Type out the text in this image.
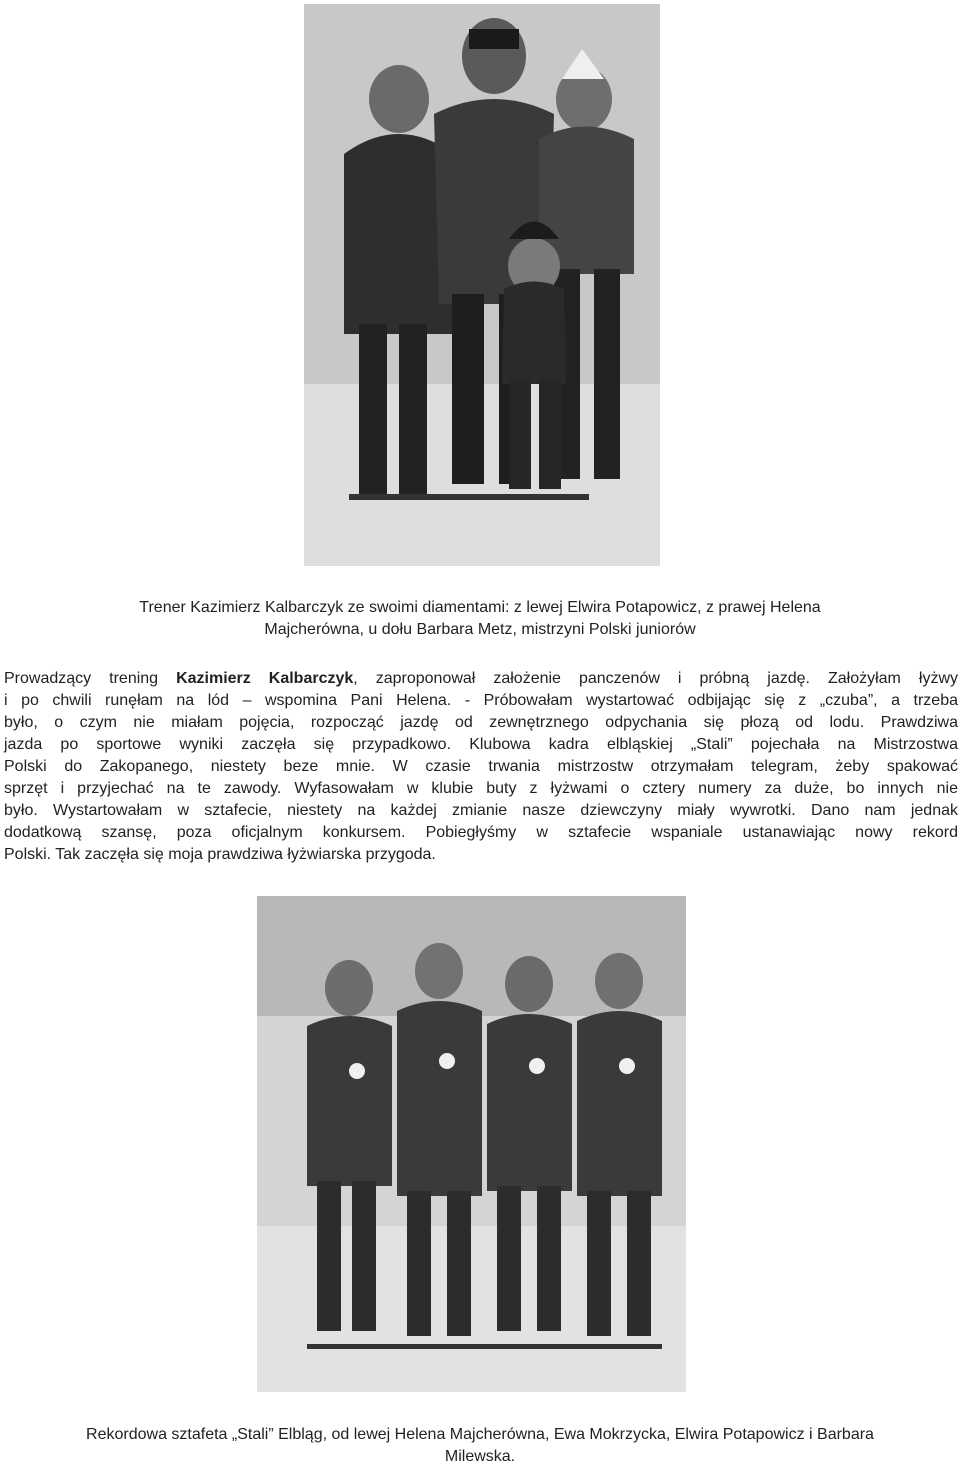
Trener Kazimierz Kalbarczyk ze swoimi diamentami: z lewej Elwira Potapowicz, z prawej Helena
Majcherówna, u dołu Barbara Metz, mistrzyni Polski juniorów
Prowadzący trening Kazimierz Kalbarczyk, zaproponował założenie panczenów i próbną jazdę. Założyłam łyżwy
i po chwili runęłam na lód – wspomina Pani Helena. - Próbowałam wystartować odbijając się z „czuba”, a trzeba
było, o czym nie miałam pojęcia, rozpocząć jazdę od zewnętrznego odpychania się płozą od lodu. Prawdziwa
jazda po sportowe wyniki zaczęła się przypadkowo. Klubowa kadra elbląskiej „Stali” pojechała na Mistrzostwa
Polski do Zakopanego, niestety beze mnie. W czasie trwania mistrzostw otrzymałam telegram, żeby spakować
sprzęt i przyjechać na te zawody. Wyfasowałam w klubie buty z łyżwami o cztery numery za duże, bo innych nie
było. Wystartowałam w sztafecie, niestety na każdej zmianie nasze dziewczyny miały wywrotki. Dano nam jednak
dodatkową szansę, poza oficjalnym konkursem. Pobiegłyśmy w sztafecie wspaniale ustanawiając nowy rekord
Polski. Tak zaczęła się moja prawdziwa łyżwiarska przygoda.
Rekordowa sztafeta „Stali” Elbląg, od lewej Helena Majcherówna, Ewa Mokrzycka, Elwira Potapowicz i Barbara
Milewska.
